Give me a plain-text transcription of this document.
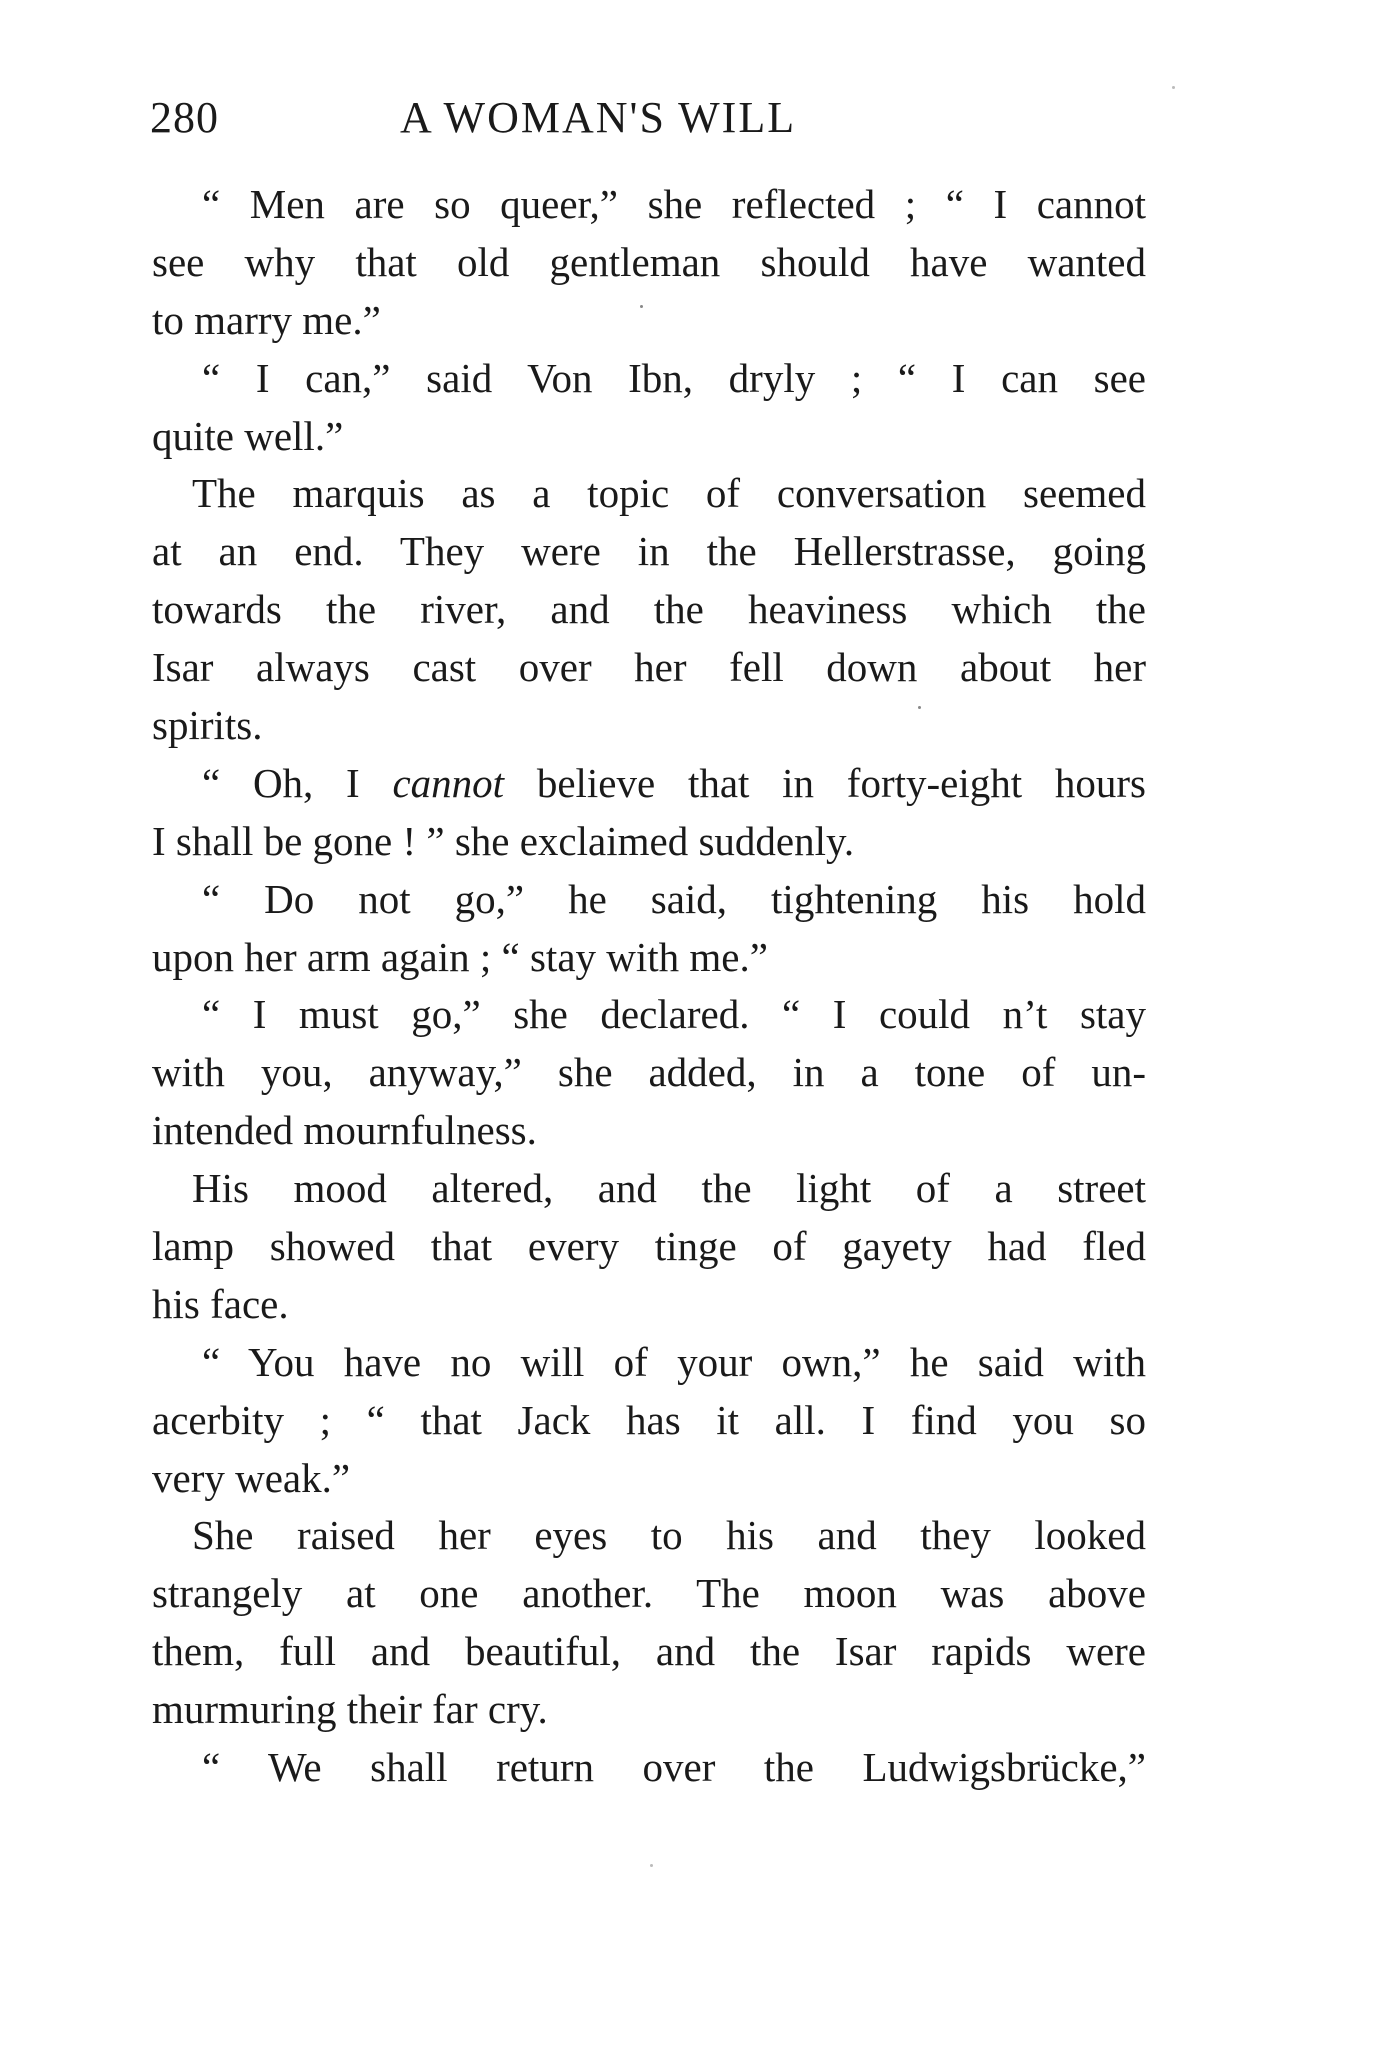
280	A WOMAN'S WILL
“ Men are so queer,” she reflected ; “ I cannot
see why that old gentleman should have wanted
to marry me.”
“ I can,” said Von Ibn, dryly ; “ I can see
quite well.”
The marquis as a topic of conversation seemed
at an end. They were in the Hellerstrasse, going
towards the river, and the heaviness which the
Isar always cast over her fell down about her
spirits.
“ Oh, I cannot believe that in forty-eight hours
I shall be gone ! ” she exclaimed suddenly.
“ Do not go,” he said, tightening his hold
upon her arm again ; “ stay with me.”
“ I must go,” she declared. “ I could n’t stay
with you, anyway,” she added, in a tone of un-
intended mournfulness.
His mood altered, and the light of a street
lamp showed that every tinge of gayety had fled
his face.
“ You have no will of your own,” he said with
acerbity ; “ that Jack has it all. I find you so
very weak.”
She raised her eyes to his and they looked
strangely at one another. The moon was above
them, full and beautiful, and the Isar rapids were
murmuring their far cry.
“ We shall return over the Ludwigsbrücke,”
